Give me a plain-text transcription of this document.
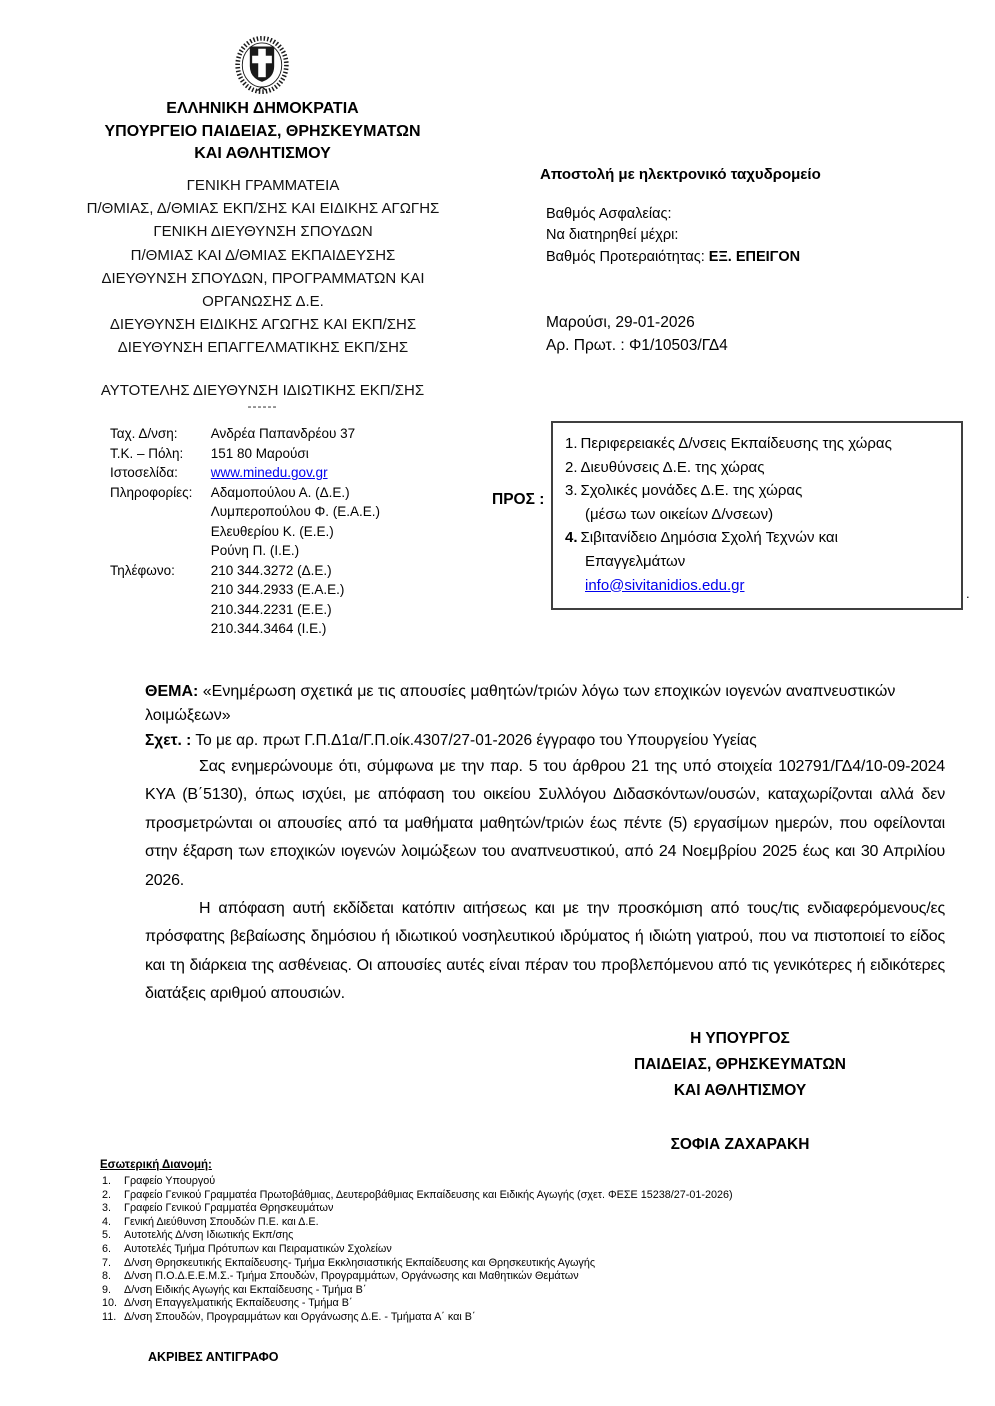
ΕΛΛΗΝΙΚΗ ΔΗΜΟΚΡΑΤΙΑ
ΥΠΟΥΡΓΕΙΟ ΠΑΙΔΕΙΑΣ, ΘΡΗΣΚΕΥΜΑΤΩΝ
ΚΑΙ ΑΘΛΗΤΙΣΜΟΥ
ΓΕΝΙΚΗ ΓΡΑΜΜΑΤΕΙΑ
Π/ΘΜΙΑΣ, Δ/ΘΜΙΑΣ ΕΚΠ/ΣΗΣ ΚΑΙ ΕΙΔΙΚΗΣ ΑΓΩΓΗΣ
ΓΕΝΙΚΗ ΔΙΕΥΘΥΝΣΗ ΣΠΟΥΔΩΝ
Π/ΘΜΙΑΣ ΚΑΙ Δ/ΘΜΙΑΣ ΕΚΠΑΙΔΕΥΣΗΣ
ΔΙΕΥΘΥΝΣΗ ΣΠΟΥΔΩΝ, ΠΡΟΓΡΑΜΜΑΤΩΝ ΚΑΙ
ΟΡΓΑΝΩΣΗΣ Δ.Ε.
ΔΙΕΥΘΥΝΣΗ ΕΙΔΙΚΗΣ ΑΓΩΓΗΣ ΚΑΙ ΕΚΠ/ΣΗΣ
ΔΙΕΥΘΥΝΣΗ ΕΠΑΓΓΕΛΜΑΤΙΚΗΣ ΕΚΠ/ΣΗΣ
ΑΥΤΟΤΕΛΗΣ ΔΙΕΥΘΥΝΣΗ ΙΔΙΩΤΙΚΗΣ ΕΚΠ/ΣΗΣ
------
Ταχ. Δ/νση: Ανδρέα Παπανδρέου 37
Τ.Κ. – Πόλη: 151 80 Μαρούσι
Ιστοσελίδα: www.minedu.gov.gr
Πληροφορίες: Αδαμοπούλου Α. (Δ.Ε.)
Λυμπεροπούλου Φ. (Ε.Α.Ε.)
Ελευθερίου Κ. (Ε.Ε.)
Ρούνη Π. (Ι.Ε.)
Τηλέφωνο:	210 344.3272 (Δ.Ε.)
210 344.2933 (Ε.Α.Ε.)
210.344.2231 (Ε.Ε.)
210.344.3464 (Ι.Ε.)
Αποστολή με ηλεκτρονικό ταχυδρομείο
Βαθμός Ασφαλείας:
Να διατηρηθεί μέχρι:
Βαθμός Προτεραιότητας: ΕΞ. ΕΠΕΙΓΟΝ
Μαρούσι, 29-01-2026
Αρ. Πρωτ. : Φ1/10503/ΓΔ4
ΠΡΟΣ :
1. Περιφερειακές Δ/νσεις Εκπαίδευσης της χώρας
2. Διευθύνσεις Δ.Ε. της χώρας
3. Σχολικές μονάδες Δ.Ε. της χώρας
(μέσω των οικείων Δ/νσεων)
4. Σιβιτανίδειο Δημόσια Σχολή Τεχνών και
Επαγγελμάτων
info@sivitanidios.edu.gr	.
ΘΕΜΑ: «Ενημέρωση σχετικά με τις απουσίες μαθητών/τριών λόγω των εποχικών ιογενών αναπνευστικών λοιμώξεων»
Σχετ. : Το με αρ. πρωτ Γ.Π.Δ1α/Γ.Π.οίκ.4307/27-01-2026 έγγραφο του Υπουργείου Υγείας

Σας ενημερώνουμε ότι, σύμφωνα με την παρ. 5 του άρθρου 21 της υπό στοιχεία 102791/ΓΔ4/10-09-2024 ΚΥΑ (Β΄5130), όπως ισχύει, με απόφαση του οικείου Συλλόγου Διδασκόντων/ουσών, καταχωρίζονται αλλά δεν προσμετρώνται οι απουσίες από τα μαθήματα μαθητών/τριών έως πέντε (5) εργασίμων ημερών, που οφείλονται στην έξαρση των εποχικών ιογενών λοιμώξεων του αναπνευστικού, από 24 Νοεμβρίου 2025 έως και 30 Απριλίου 2026.

Η απόφαση αυτή εκδίδεται κατόπιν αιτήσεως και με την προσκόμιση από τους/τις ενδιαφερόμενους/ες πρόσφατης βεβαίωσης δημόσιου ή ιδιωτικού νοσηλευτικού ιδρύματος ή ιδιώτη γιατρού, που να πιστοποιεί το είδος και τη διάρκεια της ασθένειας. Οι απουσίες αυτές είναι πέραν του προβλεπόμενου από τις γενικότερες ή ειδικότερες διατάξεις αριθμού απουσιών.

Η ΥΠΟΥΡΓΟΣ
ΠΑΙΔΕΙΑΣ, ΘΡΗΣΚΕΥΜΑΤΩΝ
ΚΑΙ ΑΘΛΗΤΙΣΜΟΥ
ΣΟΦΙΑ ΖΑΧΑΡΑΚΗ
Εσωτερική Διανομή:
1. Γραφείο Υπουργού
2. Γραφείο Γενικού Γραμματέα Πρωτοβάθμιας, Δευτεροβάθμιας Εκπαίδευσης και Ειδικής Αγωγής (σχετ. ΦΕΣΕ 15238/27-01-2026)
3. Γραφείο Γενικού Γραμματέα Θρησκευμάτων
4. Γενική Διεύθυνση Σπουδών Π.Ε. και Δ.Ε.
5. Αυτοτελής Δ/νση Ιδιωτικής Εκπ/σης
6. Αυτοτελές Τμήμα Πρότυπων και Πειραματικών Σχολείων
7. Δ/νση Θρησκευτικής Εκπαίδευσης- Τμήμα Εκκλησιαστικής Εκπαίδευσης και Θρησκευτικής Αγωγής
8. Δ/νση Π.Ο.Δ.Ε.Ε.Μ.Σ.- Τμήμα Σπουδών, Προγραμμάτων, Οργάνωσης και Μαθητικών Θεμάτων
9. Δ/νση Ειδικής Αγωγής και Εκπαίδευσης - Τμήμα Β΄
10. Δ/νση Επαγγελματικής Εκπαίδευσης - Τμήμα Β΄
11. Δ/νση Σπουδών, Προγραμμάτων και Οργάνωσης Δ.Ε. - Τμήματα Α΄ και Β΄
ΑΚΡΙΒΕΣ ΑΝΤΙΓΡΑΦΟ
